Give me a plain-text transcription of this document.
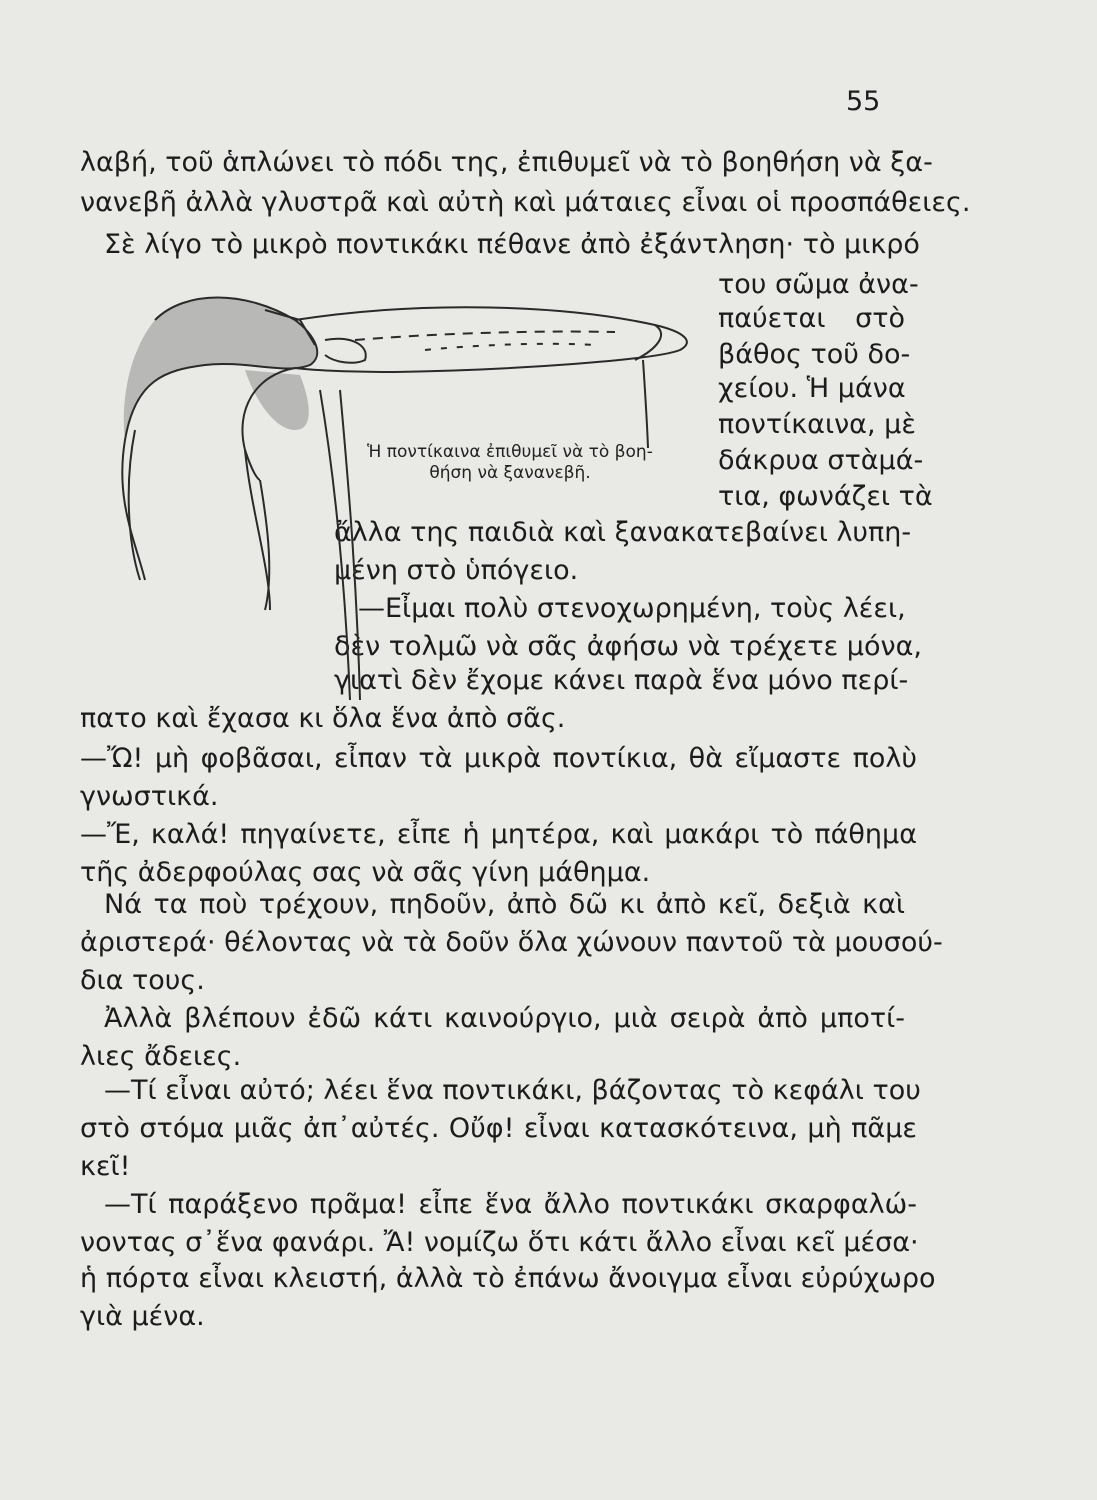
55
λαβή, τοῦ ἁπλώνει τὸ πόδι της, ἐπιθυμεῖ νὰ τὸ βοηθήση νὰ ξα-
νανεβῆ ἀλλὰ γλυστρᾶ καὶ αὐτὴ καὶ μάταιες εἶναι οἱ προσπάθειες.
Σὲ λίγο τὸ μικρὸ ποντικάκι πέθανε ἀπὸ ἐξάντληση· τὸ μικρό
του σῶμα ἀνα-
παύεται στὸ
βάθος τοῦ δο-
χείου. Ἡ μάνα
ποντίκαινα, μὲ
δάκρυα στὰμά-
τια, φωνάζει τὰ
ἄλλα της παιδιὰ καὶ ξανακατεβαίνει λυπη-
μένη στὸ ὑπόγειο.
—Εἶμαι πολὺ στενοχωρημένη, τοὺς λέει,
δὲν τολμῶ νὰ σᾶς ἀφήσω νὰ τρέχετε μόνα,
γιατὶ δὲν ἔχομε κάνει παρὰ ἕνα μόνο περί-
πατο καὶ ἔχασα κι ὅλα ἕνα ἀπὸ σᾶς.
—Ὤ! μὴ φοβᾶσαι, εἶπαν τὰ μικρὰ ποντίκια, θὰ εἴμαστε πολὺ
γνωστικά.
—Ἔ, καλά! πηγαίνετε, εἶπε ἡ μητέρα, καὶ μακάρι τὸ πάθημα
τῆς ἀδερφούλας σας νὰ σᾶς γίνη μάθημα.
Νά τα ποὺ τρέχουν, πηδοῦν, ἀπὸ δῶ κι ἀπὸ κεῖ, δεξιὰ καὶ
ἀριστερά· θέλοντας νὰ τὰ δοῦν ὅλα χώνουν παντοῦ τὰ μουσού-
δια τους.
Ἀλλὰ βλέπουν ἐδῶ κάτι καινούργιο, μιὰ σειρὰ ἀπὸ μποτί-
λιες ἄδειες.
—Τί εἶναι αὐτό; λέει ἕνα ποντικάκι, βάζοντας τὸ κεφάλι του
στὸ στόμα μιᾶς ἀπ᾽αὐτές. Οὔφ! εἶναι κατασκότεινα, μὴ πᾶμε
κεῖ!
—Τί παράξενο πρᾶμα! εἶπε ἕνα ἄλλο ποντικάκι σκαρφαλώ-
νοντας σ᾽ἕνα φανάρι. Ἄ! νομίζω ὅτι κάτι ἄλλο εἶναι κεῖ μέσα·
ἡ πόρτα εἶναι κλειστή, ἀλλὰ τὸ ἐπάνω ἄνοιγμα εἶναι εὐρύχωρο
γιὰ μένα.
Ἡ ποντίκαινα ἐπιθυμεῖ νὰ τὸ βοη-
θήση νὰ ξανανεβῆ.
